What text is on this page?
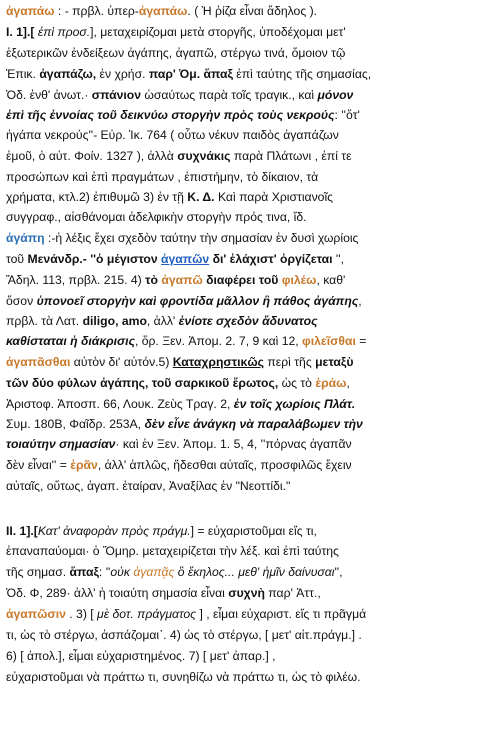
ἀγαπάω : - πρβλ. ὑπερ-ἀγαπάω. ( Ἡ ῥίζα εἶναι ἄδηλος ).
Ι. 1].[ ἐπὶ προσ.], μεταχειρίζομαι μετὰ στοργῆς, ὑποδέχομαι μετ'
ἐξωτερικῶν ἐνδείξεων ἀγάπης, ἀγαπῶ, στέργω τινά, ὅμοιον τῷ
Ἐπικ. ἀγαπάζω, ἐν χρήσ. παρ' Ὀμ. ἅπαξ ἐπὶ ταύτης τῆς σημασίας,
Ὀδ. ἐνθ' ἀνωτ.· σπάνιον ὡσαύτως παρὰ τοῖς τραγικ., καὶ μόνον
ἐπὶ τῆς ἐννοίας τοῦ δεικνύω στοργὴν πρὸς τοὺς νεκρούς: ''ὅτ'
ἠγάπα νεκρούς''- Εὐρ. Ἱκ. 764 ( οὗτω νέκυν παιδὸς ἀγαπάζων
ἐμοῦ, ὁ αὐτ. Φοίν. 1327 ), ἀλλὰ συχνάκις παρὰ Πλάτωνι , ἐπί τε
προσώπων καὶ ἐπὶ πραγμάτων , ἐπιστήμην, τὸ δίκαιον, τὰ
χρήματα, κτλ.2) ἐπιθυμῶ 3) ἐν τῇ Κ. Δ. Καὶ παρὰ Χριστιανοῖς
συγγραφ., αἰσθάνομαι ἀδελφικὴν στοργὴν πρός τινα, ἴδ.
ἀγάπη :-ἡ λέξις ἔχει σχεδὸν ταύτην τὴν σημασίαν ἐν δυσὶ χωρίοις
τοῦ Μενάνδρ.- ''ὁ μέγιστον ἀγαπῶν δι' ἐλάχιστ' ὀργίζεται '',
Ἄδηλ. 113, πρβλ. 215. 4) τὸ ἀγαπῶ διαφέρει τοῦ φιλέω, καθ'
ὅσον ὑπονοεῖ στοργὴν καὶ φροντίδα μᾶλλον ἢ πάθος ἀγάπης,
πρβλ. τὰ Λατ. diligo, amo, ἀλλ' ἐνίοτε σχεδὸν ἄδυνατος
καθίσταται ἡ διάκρισις, ὅρ. Ξεν. Ἀπομ. 2. 7, 9 καὶ 12, φιλεῖσθαι =
ἀγαπᾶσθαι αὐτὸν δι' αὑτόν.5) Καταχρηστικῶς περὶ τῆς μεταξὺ
τῶν δύο φύλων ἀγάπης, τοῦ σαρκικοῦ ἔρωτος, ὡς τὸ ἐράω,
Ἀριστοφ. Ἀποσπ. 66, Λουκ. Ζεὺς Τραγ. 2, ἐν τοῖς χωρίοις Πλάτ.
Συμ. 180Β, Φαῖδρ. 253Α, δὲν εἶνε ἀνάγκη νὰ παραλάβωμεν τὴν
τοιαύτην σημασίαν· καὶ ἐν Ξεν. Ἀπομ. 1. 5, 4, ''πόρνας ἀγαπᾶν
δὲν εἶναι'' = ἐρᾶν, ἀλλ' ἁπλῶς, ἥδεσθαι αὐταῖς, προσφιλῶς ἔχειν
αὐταῖς, οὕτως, ἀγαπ. ἑταίραν, Ἀναξίλας ἐν "Νεοττίδι."
ΙΙ. 1].[Κατ' ἀναφορὰν πρὸς πράγμ.] = εὐχαριστοῦμαι εἴς τι,
ἐπαναπαύομαι· ὁ Ὅμηρ. μεταχειρίζεται τὴν λέξ. καὶ ἐπὶ ταύτης
τῆς σημασ. ἅπαξ: ''οὐκ ἀγαπᾷς ὃ ἕκηλος... μεθ' ἡμῖν δαίνυσαι'',
Ὀδ. Φ, 289· ἀλλ' ἡ τοιαύτη σημασία εἶναι συχνὴ παρ' Ἀττ.,
ἀγαπῶσιν . 3) [ μὲ δοτ. πράγματος ] , εἶμαι εὐχαριστ. εἴς τι πρᾶγμά
τι, ὡς τὸ στέργω, ἀσπάζομαι᾽. 4) ὡς τὸ στέργω, [ μετ' αἰτ.πράγμ.] .
6) [ ἀπολ.], εἶμαι εὐχαριστημένος. 7) [ μετ' ἀπαρ.] ,
εὐχαριστοῦμαι νὰ πράττω τι, συνηθίζω νὰ πράττω τι, ὡς τὸ φιλέω.
